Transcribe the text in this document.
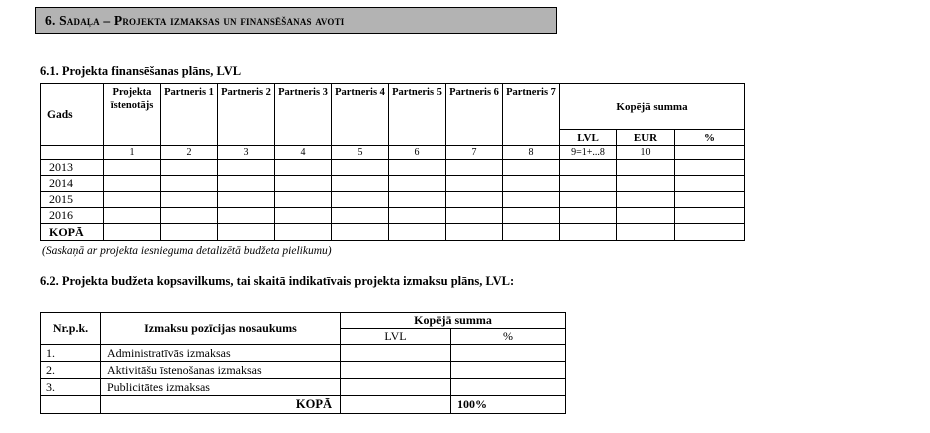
6. Sadaļa – Projekta izmaksas un finansēšanas avoti
6.1. Projekta finansēšanas plāns, LVL
Gads	Projekta īstenotājs	Partneris 1	Partneris 2	Partneris 3	Partneris 4	Partneris 5	Partneris 6	Partneris 7	Kopējā summa		
									LVL	EUR	%
	1	2	3	4	5	6	7	8	9=1+...8	10	
2013											
2014											
2015											
2016											
KOPĀ											
(Saskaņā ar projekta iesnieguma detalizētā budžeta pielikumu)
6.2. Projekta budžeta kopsavilkums, tai skaitā indikatīvais projekta izmaksu plāns, LVL:
Nr.p.k.	Izmaksu pozīcijas nosaukums	Kopējā summa	
		LVL	%
1.	Administratīvās izmaksas		
2.	Aktivitāšu īstenošanas izmaksas		
3.	Publicitātes izmaksas		
	KOPĀ		100%
